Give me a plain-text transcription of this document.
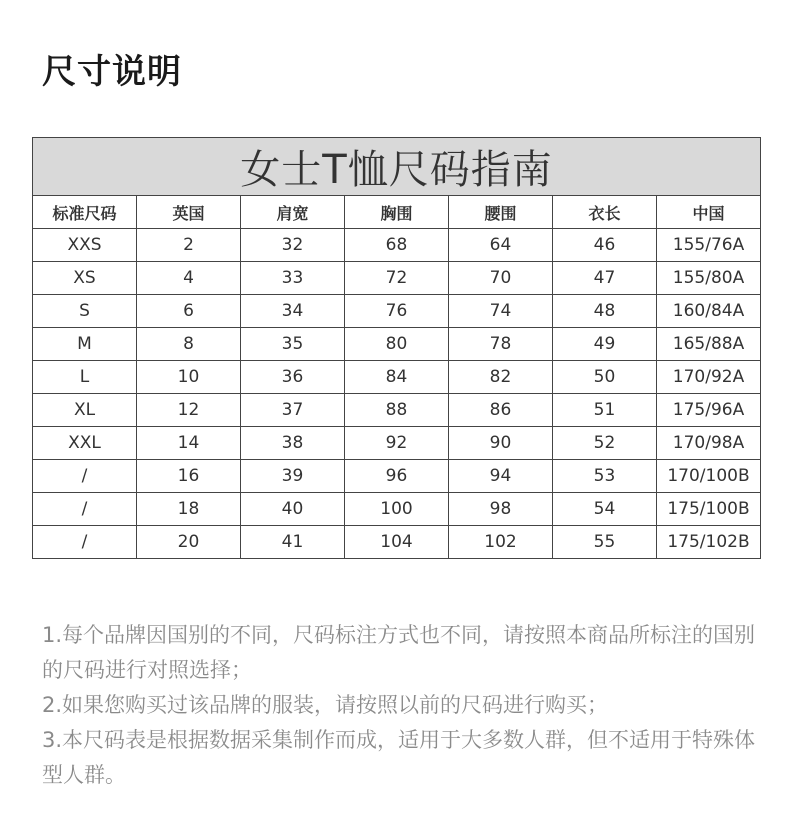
尺寸说明
女士T恤尺码指南						
标准尺码	英国	肩宽	胸围	腰围	衣长	中国
XXS	2	32	68	64	46	155/76A
XS	4	33	72	70	47	155/80A
S	6	34	76	74	48	160/84A
M	8	35	80	78	49	165/88A
L	10	36	84	82	50	170/92A
XL	12	37	88	86	51	175/96A
XXL	14	38	92	90	52	170/98A
/	16	39	96	94	53	170/100B
/	18	40	100	98	54	175/100B
/	20	41	104	102	55	175/102B

1.每个品牌因国别的不同，尺码标注方式也不同，请按照本商品所标注的国别的尺码进行对照选择；

2.如果您购买过该品牌的服装，请按照以前的尺码进行购买；

3.本尺码表是根据数据采集制作而成，适用于大多数人群，但不适用于特殊体型人群。
